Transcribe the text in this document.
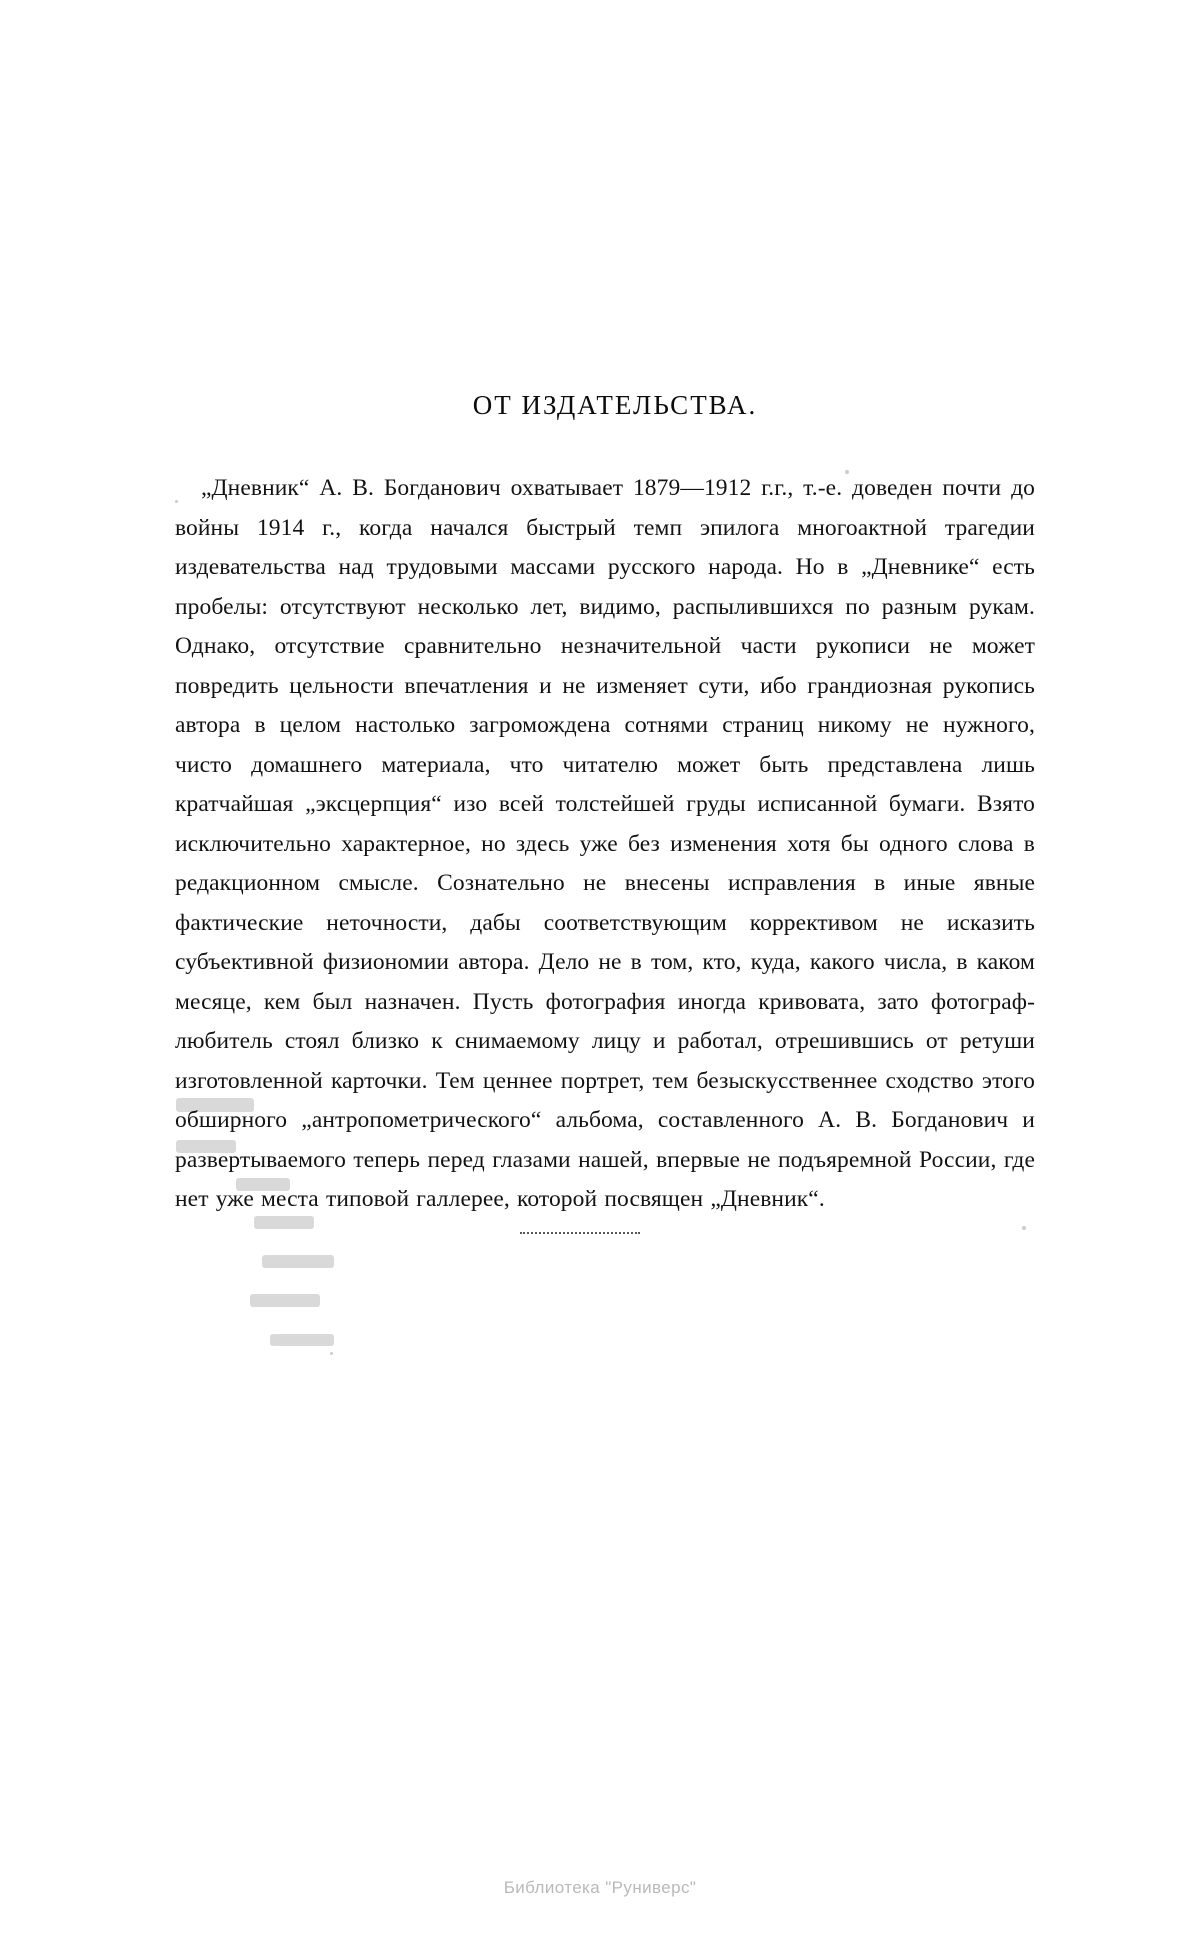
ОТ ИЗДАТЕЛЬСТВА.

„Дневник“ А. В. Богданович охватывает 1879—1912 г.г., т.-е. доведен почти до войны 1914 г., когда начался быстрый темп эпилога многоактной трагедии издевательства над трудовыми массами русского народа. Но в „Дневнике“ есть пробелы: отсутствуют несколько лет, видимо, распылившихся по разным рукам. Однако, отсутствие сравнительно незначительной части рукописи не может повредить цельности впечатления и не изменяет сути, ибо грандиозная рукопись автора в целом настолько загромождена сотнями страниц никому не нужного, чисто домашнего материала, что читателю может быть представлена лишь кратчайшая „эксцерпция“ изо всей толстейшей груды исписанной бумаги. Взято исключительно характерное, но здесь уже без изменения хотя бы одного слова в редакционном смысле. Сознательно не внесены исправления в иные явные фактические неточности, дабы соответствующим коррективом не исказить субъективной физиономии автора. Дело не в том, кто, куда, какого числа, в каком месяце, кем был назначен. Пусть фотография иногда кривовата, зато фотограф-любитель стоял близко к снимаемому лицу и работал, отрешившись от ретуши изготовленной карточки. Тем ценнее портрет, тем безыскусственнее сходство этого обширного „антропометрического“ альбома, составленного А. В. Богданович и развертываемого теперь перед глазами нашей, впервые не подъяремной России, где нет уже места типовой галлерее, которой посвящен „Дневник“.

Библиотека "Руниверс"
